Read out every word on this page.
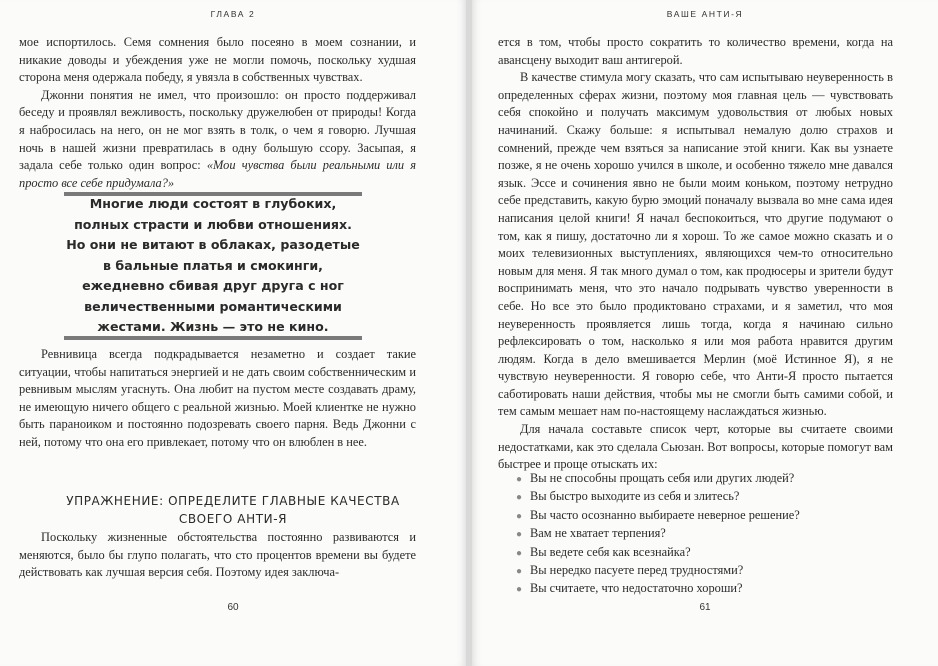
ГЛАВА 2

мое испортилось. Семя сомнения было посеяно в моем сознании, и никакие доводы и убеждения уже не могли помочь, поскольку худшая сторона меня одержала победу, я увязла в собственных чувствах.

Джонни понятия не имел, что произошло: он просто поддерживал беседу и проявлял вежливость, поскольку дружелюбен от природы! Когда я набросилась на него, он не мог взять в толк, о чем я говорю. Лучшая ночь в нашей жизни превратилась в одну большую ссору. Засыпая, я задала себе только один вопрос: «Мои чувства были реальными или я просто все себе придумала?»

Многие люди состоят в глубоких, полных страсти и любви отношениях. Но они не витают в облаках, разодетые в бальные платья и смокинги, ежедневно сбивая друг друга с ног величественными романтическими жестами. Жизнь — это не кино.

Ревнивица всегда подкрадывается незаметно и создает такие ситуации, чтобы напитаться энергией и не дать своим собственническим и ревнивым мыслям угаснуть. Она любит на пустом месте создавать драму, не имеющую ничего общего с реальной жизнью. Моей клиентке не нужно быть параноиком и постоянно подозревать своего парня. Ведь Джонни с ней, потому что она его привлекает, потому что он влюблен в нее.

УПРАЖНЕНИЕ: ОПРЕДЕЛИТЕ ГЛАВНЫЕ КАЧЕСТВА СВОЕГО АНТИ-Я

Поскольку жизненные обстоятельства постоянно развиваются и меняются, было бы глупо полагать, что сто процентов времени вы будете действовать как лучшая версия себя. Поэтому идея заключа-

60
ВАШЕ АНТИ-Я

ется в том, чтобы просто сократить то количество времени, когда на авансцену выходит ваш антигерой.

В качестве стимула могу сказать, что сам испытываю неуверенность в определенных сферах жизни, поэтому моя главная цель — чувствовать себя спокойно и получать максимум удовольствия от любых новых начинаний. Скажу больше: я испытывал немалую долю страхов и сомнений, прежде чем взяться за написание этой книги. Как вы узнаете позже, я не очень хорошо учился в школе, и особенно тяжело мне давался язык. Эссе и сочинения явно не были моим коньком, поэтому нетрудно себе представить, какую бурю эмоций поначалу вызвала во мне сама идея написания целой книги! Я начал беспокоиться, что другие подумают о том, как я пишу, достаточно ли я хорош. То же самое можно сказать и о моих телевизионных выступлениях, являющихся чем-то относительно новым для меня. Я так много думал о том, как продюсеры и зрители будут воспринимать меня, что это начало подрывать чувство уверенности в себе. Но все это было продиктовано страхами, и я заметил, что моя неуверенность проявляется лишь тогда, когда я начинаю сильно рефлексировать о том, насколько я или моя работа нравится другим людям. Когда в дело вмешивается Мерлин (моё Истинное Я), я не чувствую неуверенности. Я говорю себе, что Анти-Я просто пытается саботировать наши действия, чтобы мы не смогли быть самими собой, и тем самым мешает нам по-настоящему наслаждаться жизнью.

Для начала составьте список черт, которые вы считаете своими недостатками, как это сделала Сьюзан. Вот вопросы, которые помогут вам быстрее и проще отыскать их:

● Вы не способны прощать себя или других людей?
● Вы быстро выходите из себя и злитесь?
● Вы часто осознанно выбираете неверное решение?
● Вам не хватает терпения?
● Вы ведете себя как всезнайка?
● Вы нередко пасуете перед трудностями?
● Вы считаете, что недостаточно хороши?
61
